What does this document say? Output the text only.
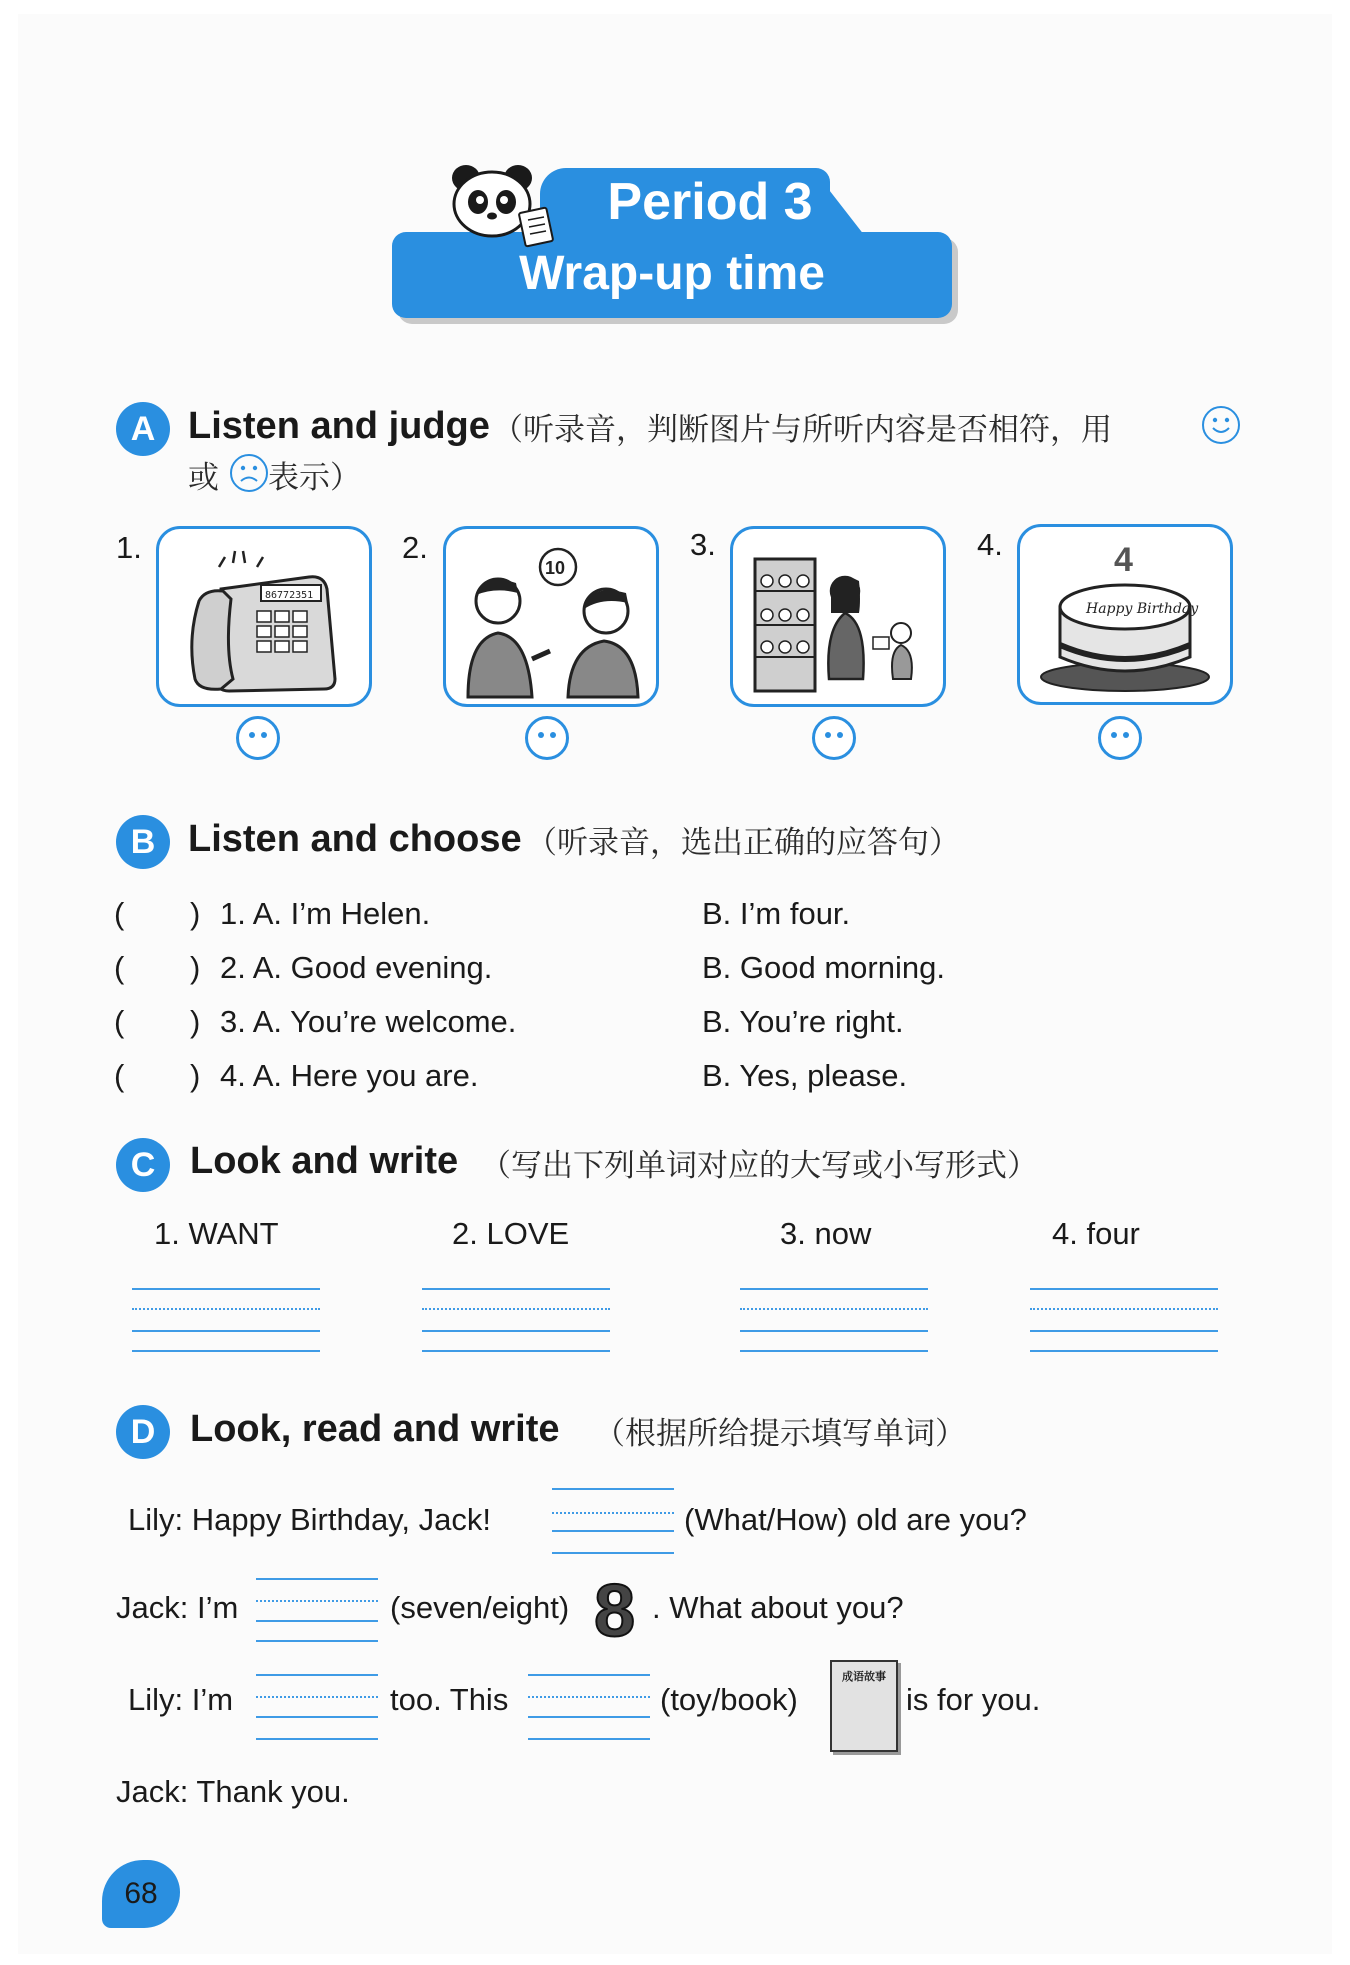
Period 3
Wrap-up time
A Listen and judge （听录音，判断图片与所听内容是否相符，用
或 表示）
1.
86772351
2.
10
3.	4.	4
Happy Birthday
B Listen and choose （听录音，选出正确的应答句）
( ) 1. A. I’m Helen.	B. I’m four.
( ) 2. A. Good evening.	B. Good morning.
( ) 3. A. You’re welcome.	B. You’re right.
( ) 4. A. Here you are.	B. Yes, please.
C Look and write （写出下列单词对应的大写或小写形式）
1. WANT	2. LOVE	3. now	4. four
D Look, read and write （根据所给提示填写单词）
Lily: Happy Birthday, Jack!	(What/How) old are you?
Jack: I’m	(seven/eight) 8 . What about you?
Lily: I’m	too. This	(toy/book)
成语故事
is for you.
Jack: Thank you.
68
